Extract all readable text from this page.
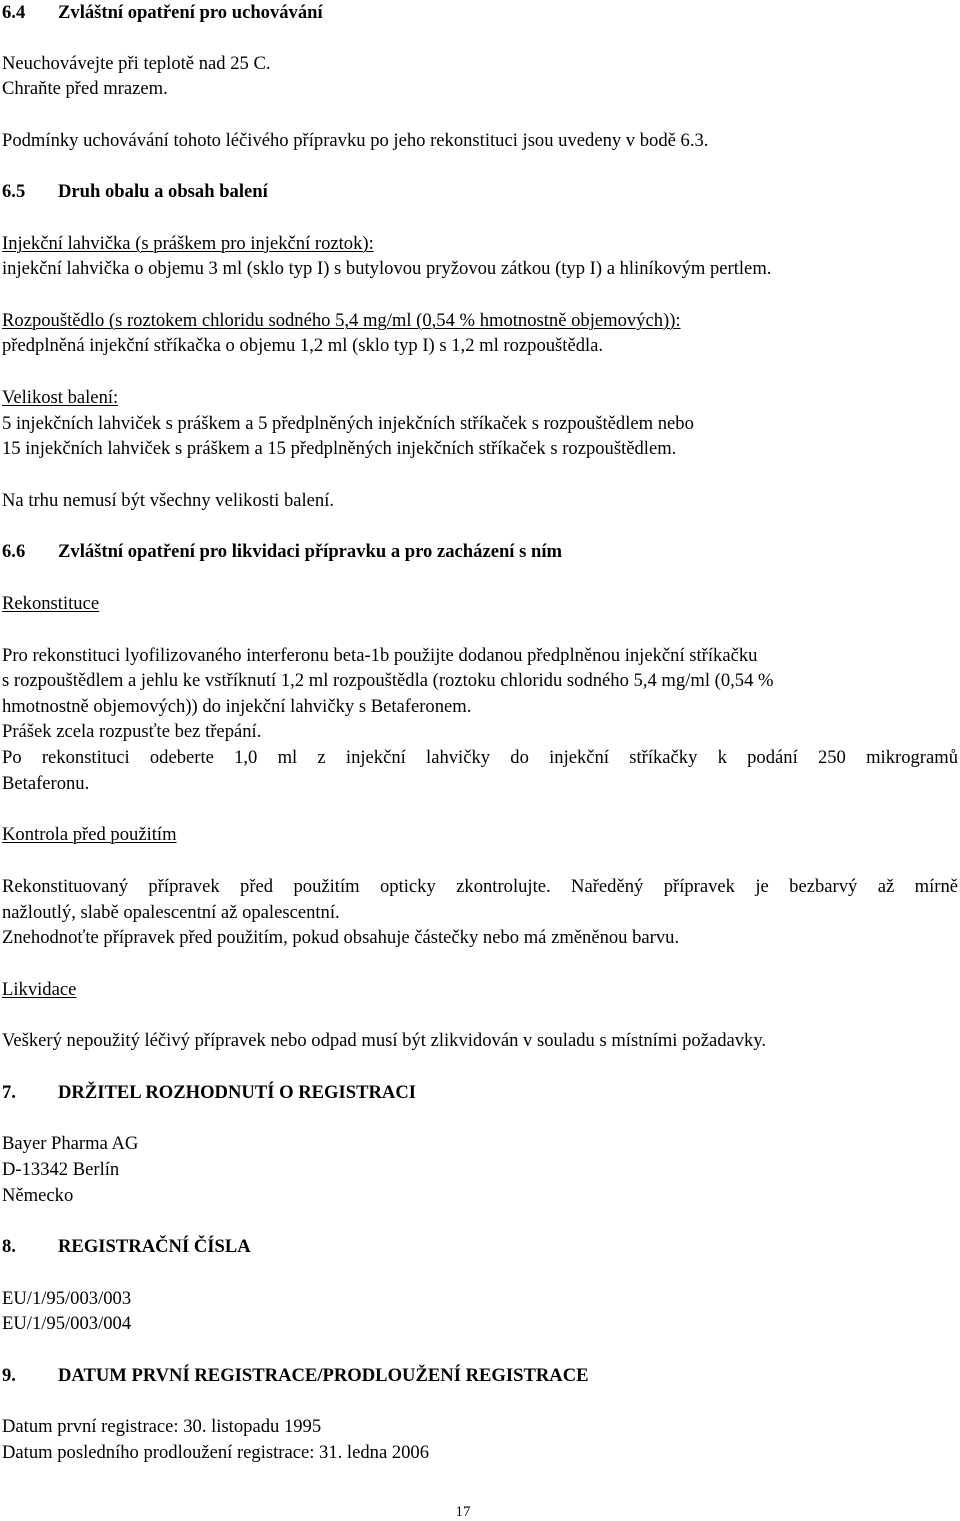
6.4 Zvláštní opatření pro uchovávání
Neuchovávejte při teplotě nad 25 C.
Chraňte před mrazem.
Podmínky uchovávání tohoto léčivého přípravku po jeho rekonstituci jsou uvedeny v bodě 6.3.
6.5 Druh obalu a obsah balení
Injekční lahvička (s práškem pro injekční roztok):
injekční lahvička o objemu 3 ml (sklo typ I) s butylovou pryžovou zátkou (typ I) a hliníkovým pertlem.
Rozpouštědlo (s roztokem chloridu sodného 5,4 mg/ml (0,54 % hmotnostně objemových)):
předplněná injekční stříkačka o objemu 1,2 ml (sklo typ I) s 1,2 ml rozpouštědla.
Velikost balení:
5 injekčních lahviček s práškem a 5 předplněných injekčních stříkaček s rozpouštědlem nebo
15 injekčních lahviček s práškem a 15 předplněných injekčních stříkaček s rozpouštědlem.
Na trhu nemusí být všechny velikosti balení.
6.6 Zvláštní opatření pro likvidaci přípravku a pro zacházení s ním
Rekonstituce
Pro rekonstituci lyofilizovaného interferonu beta-1b použijte dodanou předplněnou injekční stříkačku
s rozpouštědlem a jehlu ke vstříknutí 1,2 ml rozpouštědla (roztoku chloridu sodného 5,4 mg/ml (0,54 %
hmotnostně objemových)) do injekční lahvičky s Betaferonem.
Prášek zcela rozpusťte bez třepání.
Po rekonstituci odeberte 1,0 ml z injekční lahvičky do injekční stříkačky k podání 250 mikrogramů
Betaferonu.
Kontrola před použitím
Rekonstituovaný přípravek před použitím opticky zkontrolujte. Naředěný přípravek je bezbarvý až mírně
nažloutlý, slabě opalescentní až opalescentní.
Znehodnoťte přípravek před použitím, pokud obsahuje částečky nebo má změněnou barvu.
Likvidace
Veškerý nepoužitý léčivý přípravek nebo odpad musí být zlikvidován v souladu s místními požadavky.
7. DRŽITEL ROZHODNUTÍ O REGISTRACI
Bayer Pharma AG
D-13342 Berlín
Německo
8. REGISTRAČNÍ ČÍSLA
EU/1/95/003/003
EU/1/95/003/004
9. DATUM PRVNÍ REGISTRACE/PRODLOUŽENÍ REGISTRACE
Datum první registrace: 30. listopadu 1995
Datum posledního prodloužení registrace: 31. ledna 2006
17
